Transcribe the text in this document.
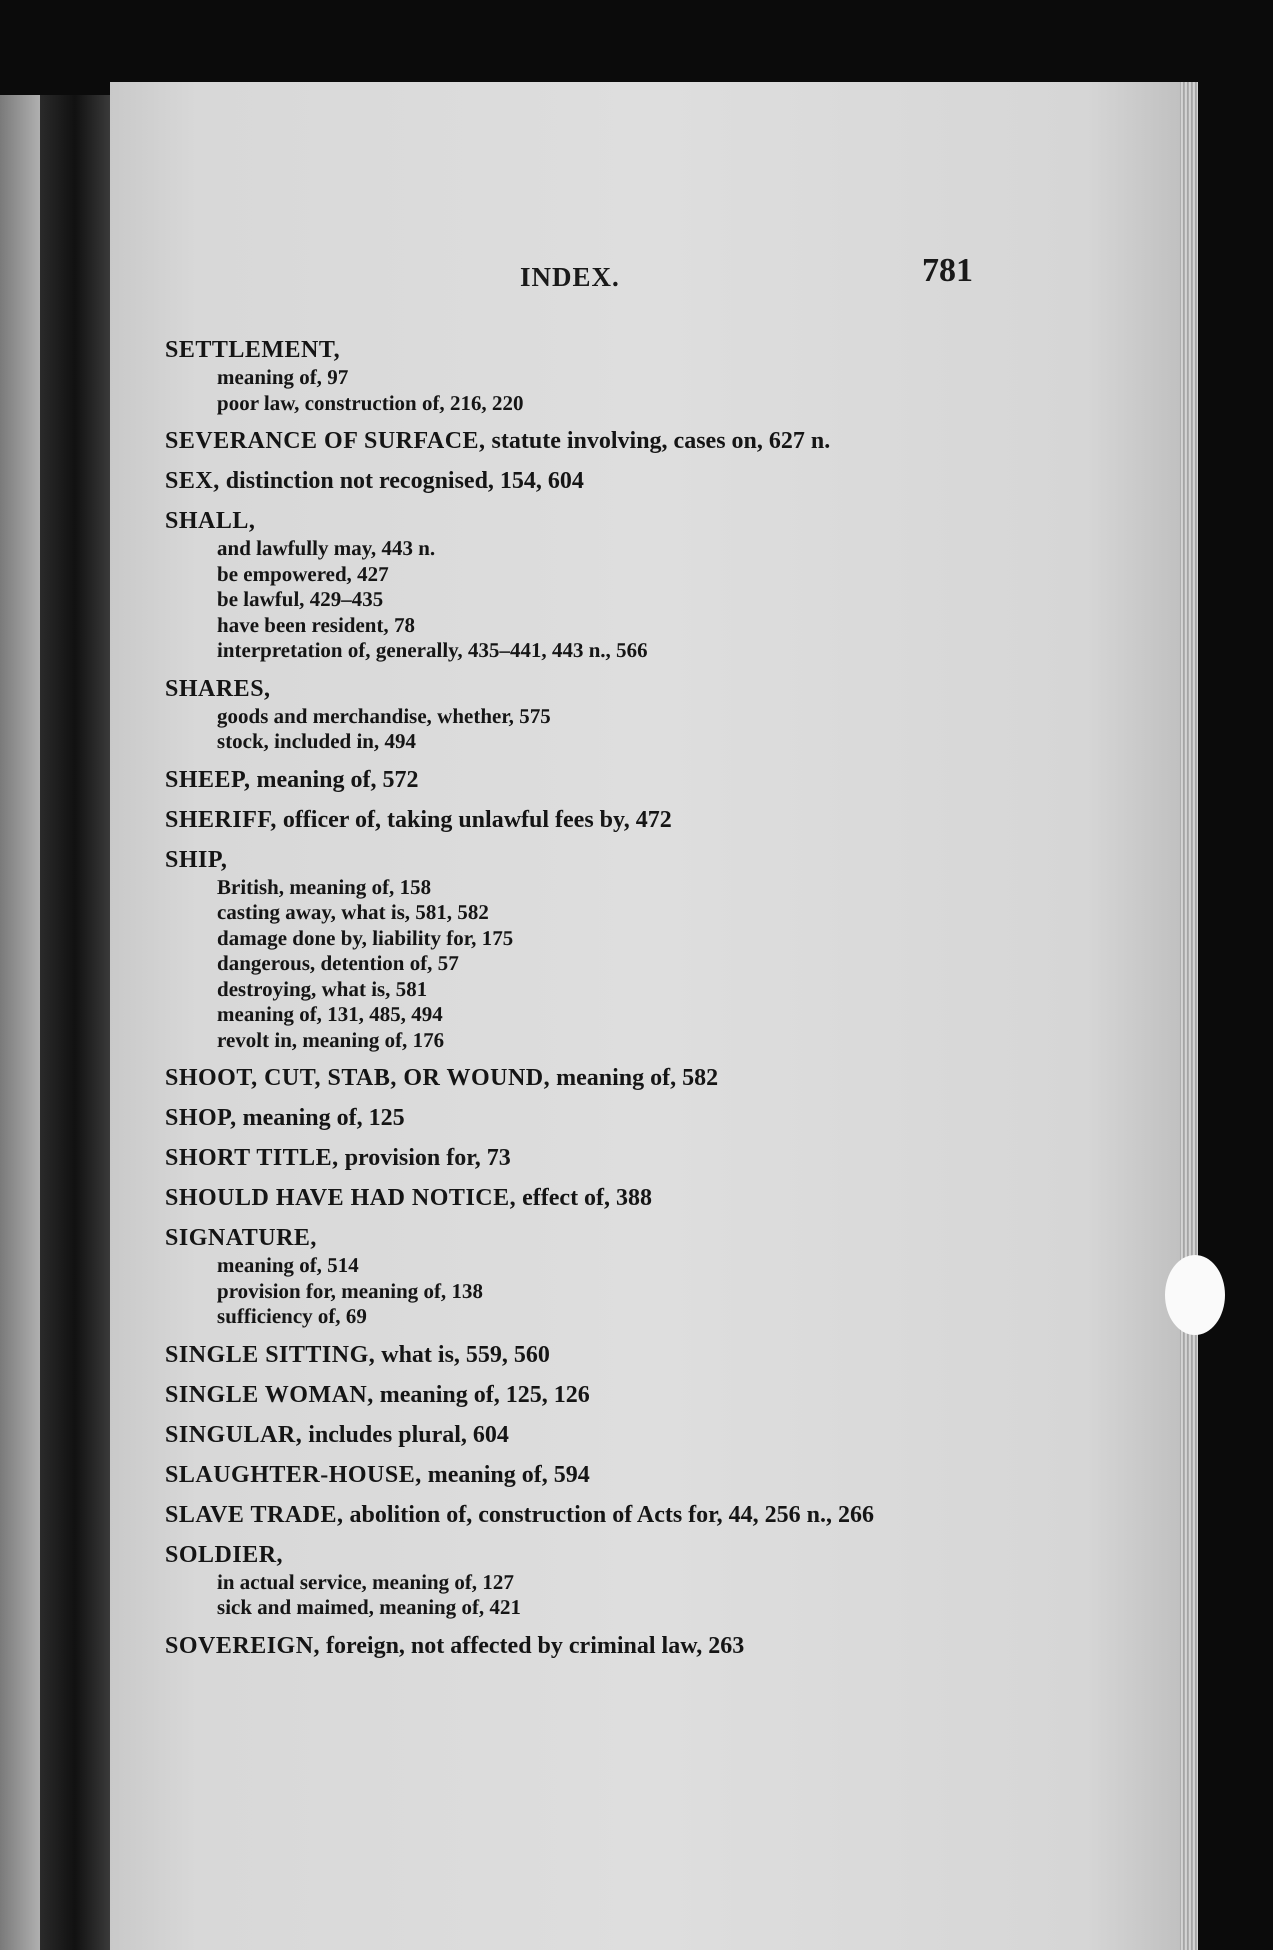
INDEX.	781
SETTLEMENT,
meaning of, 97
poor law, construction of, 216, 220
SEVERANCE OF SURFACE, statute involving, cases on, 627 n.
SEX, distinction not recognised, 154, 604
SHALL,
and lawfully may, 443 n.
be empowered, 427
be lawful, 429–435
have been resident, 78
interpretation of, generally, 435–441, 443 n., 566
SHARES,
goods and merchandise, whether, 575
stock, included in, 494
SHEEP, meaning of, 572
SHERIFF, officer of, taking unlawful fees by, 472
SHIP,
British, meaning of, 158
casting away, what is, 581, 582
damage done by, liability for, 175
dangerous, detention of, 57
destroying, what is, 581
meaning of, 131, 485, 494
revolt in, meaning of, 176
SHOOT, CUT, STAB, OR WOUND, meaning of, 582
SHOP, meaning of, 125
SHORT TITLE, provision for, 73
SHOULD HAVE HAD NOTICE, effect of, 388
SIGNATURE,
meaning of, 514
provision for, meaning of, 138
sufficiency of, 69
SINGLE SITTING, what is, 559, 560
SINGLE WOMAN, meaning of, 125, 126
SINGULAR, includes plural, 604
SLAUGHTER-HOUSE, meaning of, 594
SLAVE TRADE, abolition of, construction of Acts for, 44, 256 n., 266
SOLDIER,
in actual service, meaning of, 127
sick and maimed, meaning of, 421
SOVEREIGN, foreign, not affected by criminal law, 263
